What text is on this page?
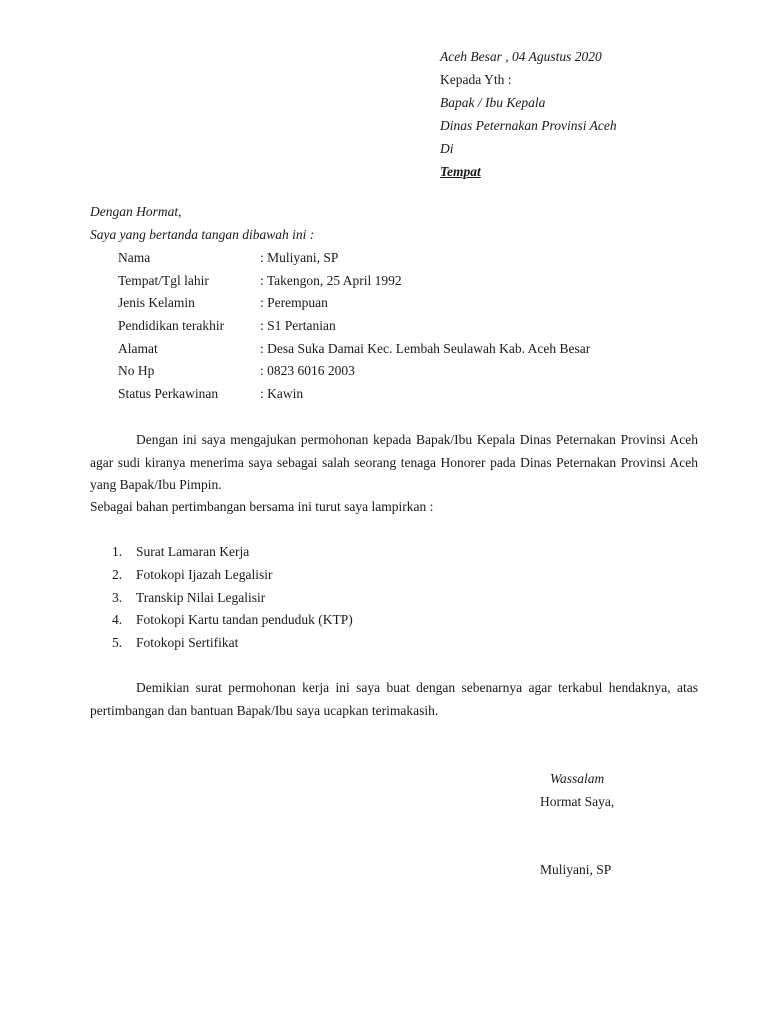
Aceh Besar , 04 Agustus 2020
Kepada Yth :
Bapak / Ibu Kepala
Dinas Peternakan Provinsi Aceh
Di
Tempat
Dengan Hormat,
Saya yang bertanda tangan dibawah ini :
Nama	: Muliyani, SP
Tempat/Tgl lahir	: Takengon, 25 April 1992
Jenis Kelamin	: Perempuan
Pendidikan terakhir	: S1 Pertanian
Alamat	: Desa Suka Damai Kec. Lembah Seulawah Kab. Aceh Besar
No Hp	: 0823 6016 2003
Status Perkawinan	: Kawin
Dengan ini saya mengajukan permohonan kepada Bapak/Ibu Kepala Dinas Peternakan Provinsi Aceh agar sudi kiranya menerima saya sebagai salah seorang tenaga Honorer pada Dinas Peternakan Provinsi Aceh yang Bapak/Ibu Pimpin.
Sebagai bahan pertimbangan bersama ini turut saya lampirkan :
1. Surat Lamaran Kerja
2. Fotokopi Ijazah Legalisir
3. Transkip Nilai Legalisir
4. Fotokopi Kartu tandan penduduk (KTP)
5. Fotokopi Sertifikat
Demikian surat permohonan kerja ini saya buat dengan sebenarnya agar terkabul hendaknya, atas pertimbangan dan bantuan Bapak/Ibu saya ucapkan terimakasih.
Wassalam
Hormat Saya,
Muliyani, SP
